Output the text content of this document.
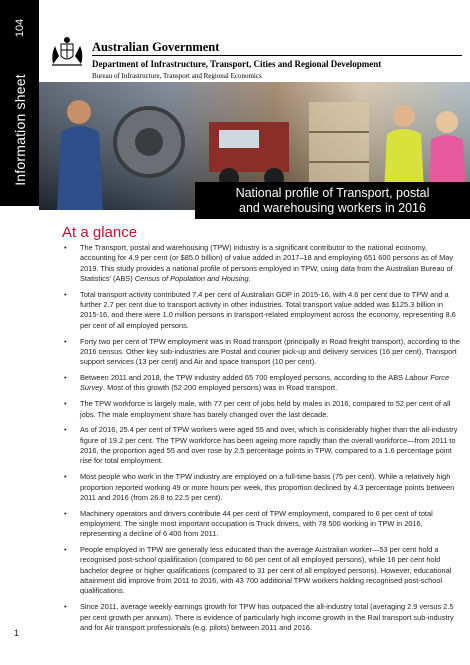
104
Information sheet
1
Australian Government
Department of Infrastructure, Transport, Cities and Regional Development
Bureau of Infrastructure, Transport and Regional Economics
National profile of Transport, postal
and warehousing workers in 2016
At a glance
• The Transport, postal and warehousing (TPW) industry is a significant contributor to the national economy, accounting for 4.9 per cent (or $85.0 billion) of value added in 2017–18 and employing 651 600 persons as of May 2019. This study provides a national profile of persons employed in TPW, using data from the Australian Bureau of Statistics’ (ABS) Census of Population and Housing.
• Total transport activity contributed 7.4 per cent of Australian GDP in 2015-16, with 4.6 per cent due to TPW and a further 2.7 per cent due to transport activity in other industries. Total transport value added was $125.3 billion in 2015-16, and there were 1.0 million persons in transport-related employment across the economy, representing 8.6 per cent of all employed persons.
• Forty two per cent of TPW employment was in Road transport (principally in Road freight transport), according to the 2016 census. Other key sub-industries are Postal and courier pick-up and delivery services (16 per cent), Transport support services (13 per cent) and Air and space transport (10 per cent).
• Between 2011 and 2018, the TPW industry added 65 700 employed persons, according to the ABS Labour Force Survey. Most of this growth (52 200 employed persons) was in Road transport.
• The TPW workforce is largely male, with 77 per cent of jobs held by males in 2016, compared to 52 per cent of all jobs. The male employment share has barely changed over the last decade.
• As of 2016, 25.4 per cent of TPW workers were aged 55 and over, which is considerably higher than the all-industry figure of 19.2 per cent. The TPW workforce has been ageing more rapidly than the overall workforce—from 2011 to 2016, the proportion aged 55 and over rose by 2.5 percentage points in TPW, compared to a 1.6 percentage point rise for total employment.
• Most people who work in the TPW industry are employed on a full-time basis (75 per cent). While a relatively high proportion reported working 49 or more hours per week, this proportion declined by 4.3 percentage points between 2011 and 2016 (from 26.8 to 22.5 per cent).
• Machinery operators and drivers contribute 44 per cent of TPW employment, compared to 6 per cent of total employment. The single most important occupation is Truck drivers, with 78 500 working in TPW in 2016, representing a decline of 6 400 from 2011.
• People employed in TPW are generally less educated than the average Australian worker—53 per cent hold a recognised post-school qualification (compared to 66 per cent of all employed persons), while 16 per cent hold bachelor degree or higher qualifications (compared to 31 per cent of all employed persons). However, educational attainment did improve from 2011 to 2016, with 43 700 additional TPW workers holding recognised post-school qualifications.
• Since 2011, average weekly earnings growth for TPW has outpaced the all-industry total (averaging 2.9 versus 2.5 per cent growth per annum). There is evidence of particularly high income growth in the Rail transport sub-industry and for Air transport professionals (e.g. pilots) between 2011 and 2016.
